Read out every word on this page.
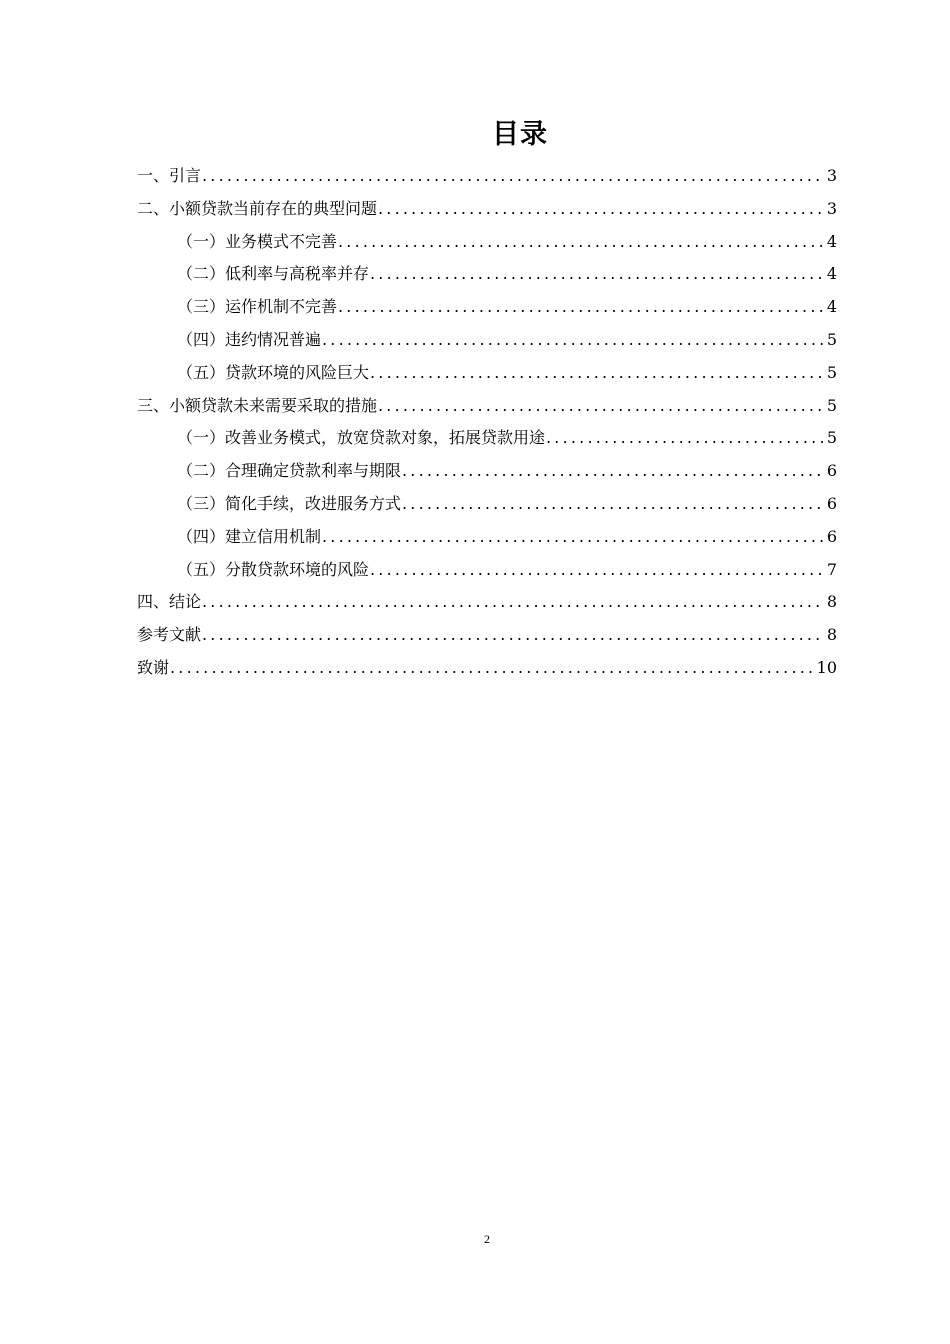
目录
一、引言 .....	3
二、小额贷款当前存在的典型问题 .....	3
（一）业务模式不完善 .....	4
（二）低利率与高税率并存 .....	4
（三）运作机制不完善 .....	4
（四）违约情况普遍 .....	5
（五）贷款环境的风险巨大 .....	5
三、小额贷款未来需要采取的措施 .....	5
（一）改善业务模式，放宽贷款对象，拓展贷款用途 .....	5
（二）合理确定贷款利率与期限 .....	6
（三）简化手续，改进服务方式 .....	6
（四）建立信用机制 .....	6
（五）分散贷款环境的风险 .....	7
四、结论 .....	8
参考文献 .....	8
致谢 .....	10
2
